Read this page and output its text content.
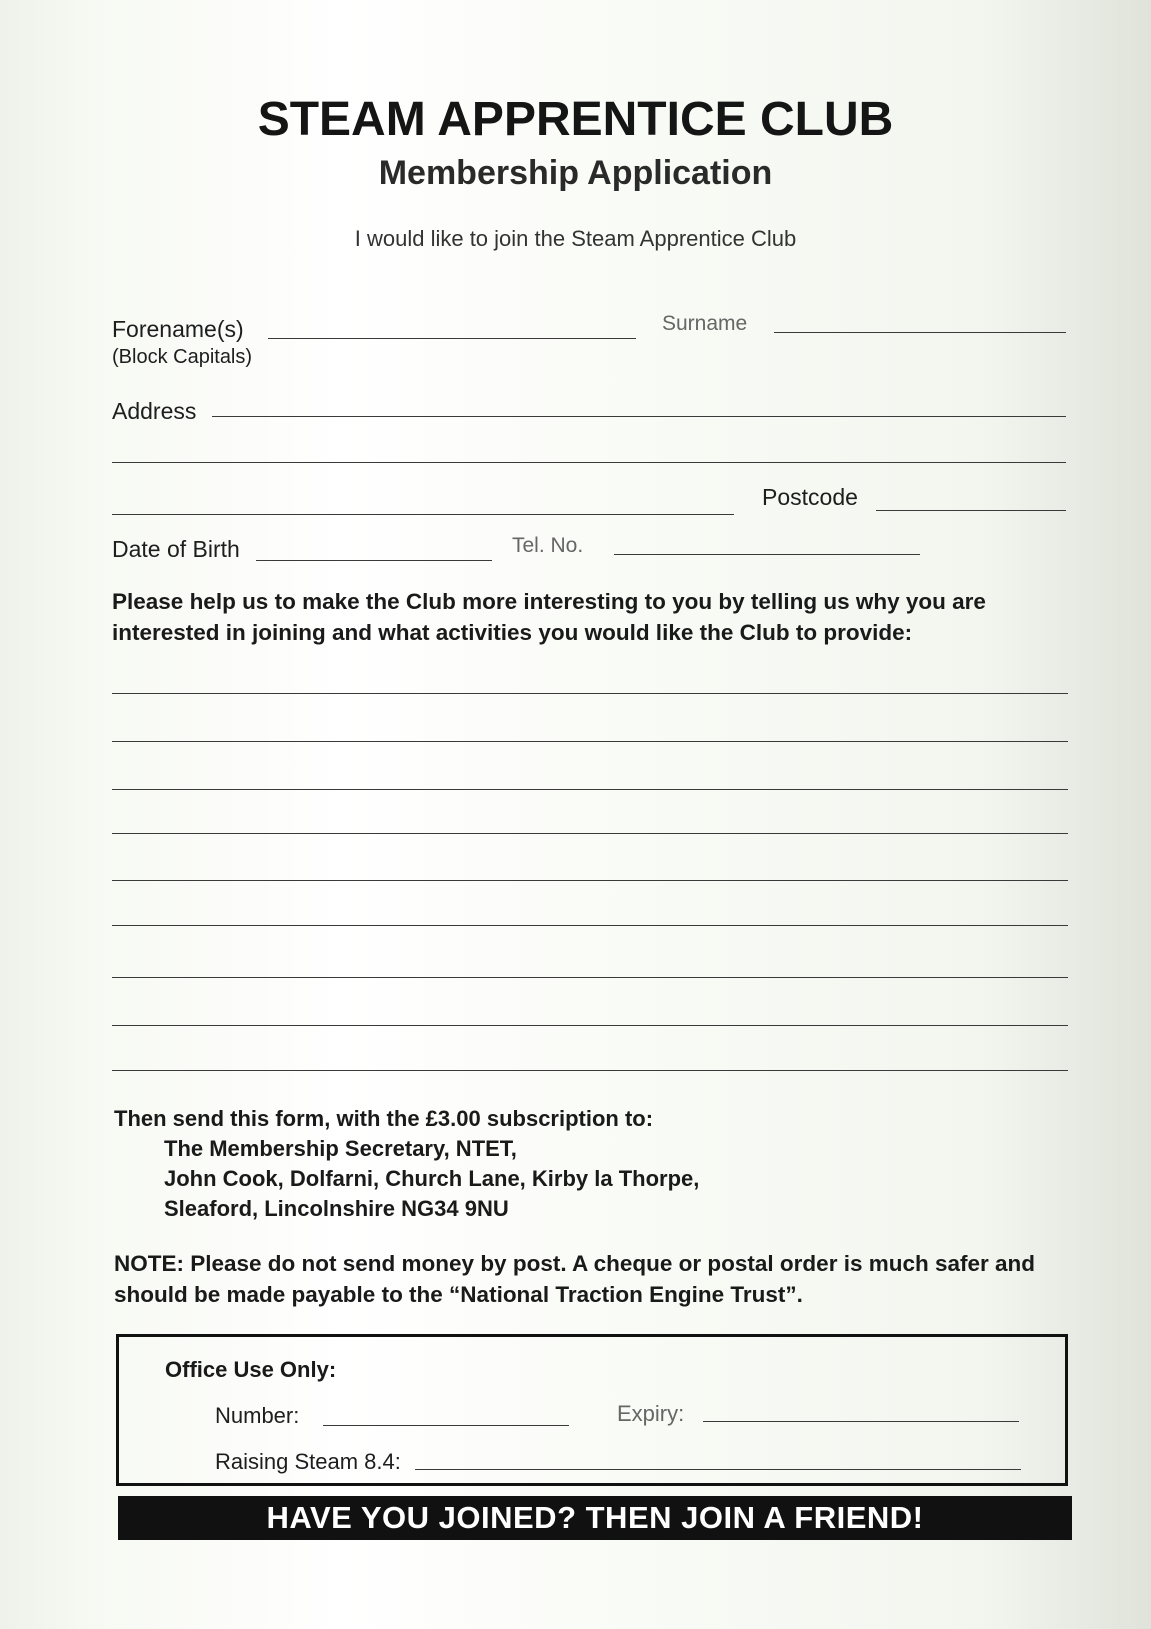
STEAM APPRENTICE CLUB
Membership Application
I would like to join the Steam Apprentice Club
Forename(s)
(Block Capitals)
Surname
Address
Postcode
Date of Birth	Tel. No.
Please help us to make the Club more interesting to you by telling us why you are interested in joining and what activities you would like the Club to provide:
Then send this form, with the £3.00 subscription to:
The Membership Secretary, NTET,
John Cook, Dolfarni, Church Lane, Kirby la Thorpe,
Sleaford, Lincolnshire NG34 9NU
NOTE: Please do not send money by post. A cheque or postal order is much safer and should be made payable to the “National Traction Engine Trust”.
Office Use Only:
Number:	Expiry:
Raising Steam 8.4:
HAVE YOU JOINED? THEN JOIN A FRIEND!
